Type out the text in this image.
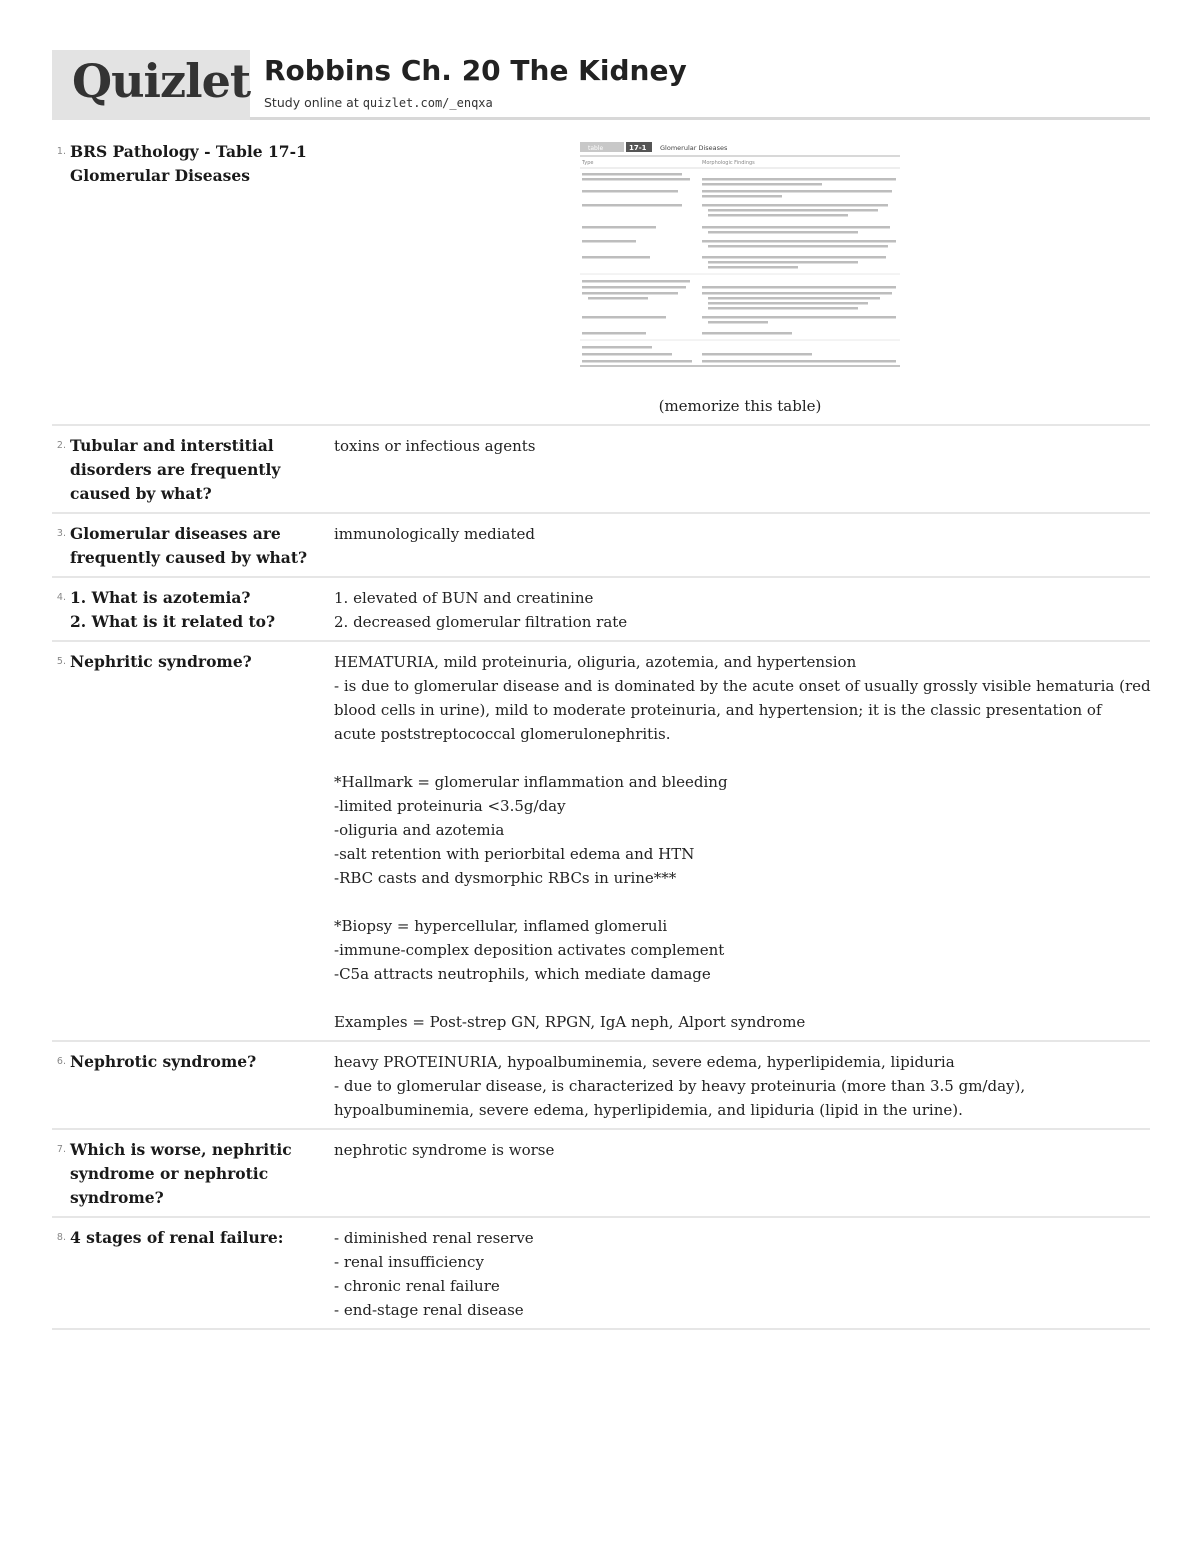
Quizlet Robbins Ch. 20 The Kidney
Study online at quizlet.com/_enqxa
1. BRS Pathology - Table 17-1
Glomerular Diseases
table	17-1 Glomerular Diseases
Type	Morphologic Findings
(memorize this table)
2. Tubular and interstitial
disorders are frequently
caused by what?
toxins or infectious agents
3. Glomerular diseases are
frequently caused by what?
immunologically mediated
4. 1. What is azotemia?
2. What is it related to?
1. elevated of BUN and creatinine
2. decreased glomerular filtration rate
5. Nephritic syndrome?	HEMATURIA, mild proteinuria, oliguria, azotemia, and hypertension
- is due to glomerular disease and is dominated by the acute onset of usually grossly visible hematuria (red
blood cells in urine), mild to moderate proteinuria, and hypertension; it is the classic presentation of
acute poststreptococcal glomerulonephritis.

*Hallmark = glomerular inflammation and bleeding
-limited proteinuria <3.5g/day
-oliguria and azotemia
-salt retention with periorbital edema and HTN
-RBC casts and dysmorphic RBCs in urine***

*Biopsy = hypercellular, inflamed glomeruli
-immune-complex deposition activates complement
-C5a attracts neutrophils, which mediate damage

Examples = Post-strep GN, RPGN, IgA neph, Alport syndrome
6. Nephrotic syndrome?	heavy PROTEINURIA, hypoalbuminemia, severe edema, hyperlipidemia, lipiduria
- due to glomerular disease, is characterized by heavy proteinuria (more than 3.5 gm/day),
hypoalbuminemia, severe edema, hyperlipidemia, and lipiduria (lipid in the urine).
7. Which is worse, nephritic
syndrome or nephrotic
syndrome?
nephrotic syndrome is worse
8. 4 stages of renal failure:	- diminished renal reserve
- renal insufficiency
- chronic renal failure
- end-stage renal disease
